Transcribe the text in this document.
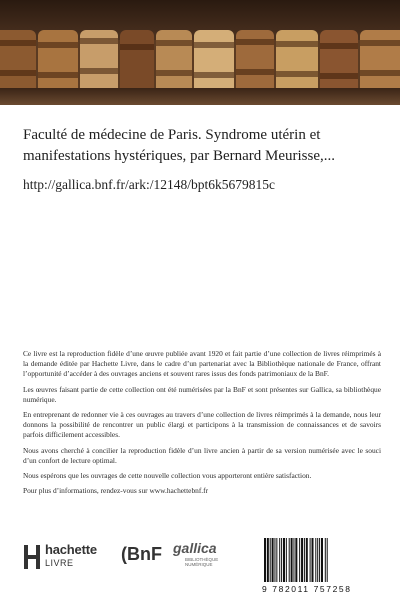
Faculté de médecine de Paris. Syndrome utérin et manifestations hystériques, par Bernard Meurisse,...
http://gallica.bnf.fr/ark:/12148/bpt6k5679815c

Ce livre est la reproduction fidèle d’une œuvre publiée avant 1920 et fait partie d’une collection de livres réimprimés à la demande éditée par Hachette Livre, dans le cadre d’un partenariat avec la Bibliothèque nationale de France, offrant l’opportunité d’accéder à des ouvrages anciens et souvent rares issus des fonds patrimoniaux de la BnF.

Les œuvres faisant partie de cette collection ont été numérisées par la BnF et sont présentes sur Gallica, sa bibliothèque numérique.

En entreprenant de redonner vie à ces ouvrages au travers d’une collection de livres réimprimés à la demande, nous leur donnons la possibilité de rencontrer un public élargi et participons à la transmission de connaissances et de savoirs parfois difficilement accessibles.

Nous avons cherché à concilier la reproduction fidèle d’un livre ancien à partir de sa version numérisée avec le souci d’un confort de lecture optimal.

Nous espérons que les ouvrages de cette nouvelle collection vous apporteront entière satisfaction.

Pour plus d’informations, rendez-vous sur www.hachettebnf.fr

hachette
LIVRE	(BnF gallica
BIBLIOTHÈQUE NUMÉRIQUE
9 782011 757258
